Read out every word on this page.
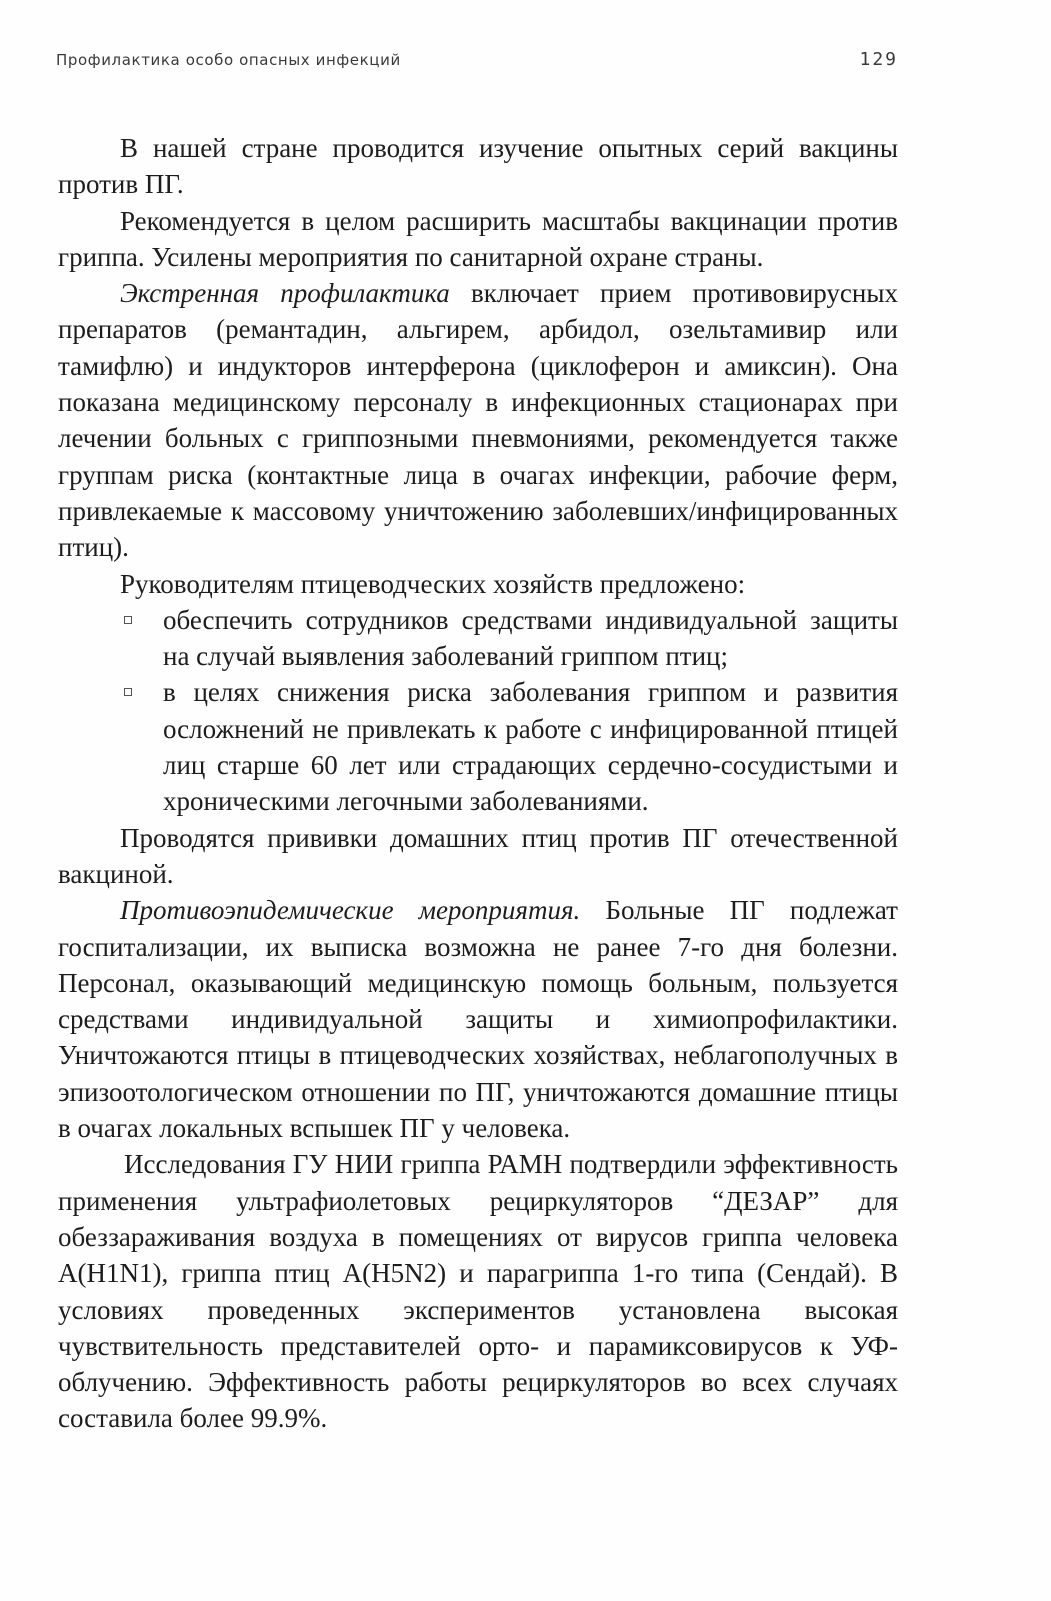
Профилактика особо опасных инфекций	129

В нашей стране проводится изучение опытных серий вакцины против ПГ.

Рекомендуется в целом расширить масштабы вакцинации против гриппа. Усилены мероприятия по санитарной охране страны.

Экстренная профилактика включает прием противовирусных препаратов (ремантадин, альгирем, арбидол, озельтамивир или тамифлю) и индукторов интерферона (циклоферон и амиксин). Она показана медицинскому персоналу в инфекционных стационарах при лечении больных с гриппозными пневмониями, рекомендуется также группам риска (контактные лица в очагах инфекции, рабочие ферм, привлекаемые к массовому уничтожению заболевших/инфицированных птиц).

Руководителям птицеводческих хозяйств предложено:

обеспечить сотрудников средствами индивидуальной защиты на случай выявления заболеваний гриппом птиц;
в целях снижения риска заболевания гриппом и развития осложнений не привлекать к работе с инфицированной птицей лиц старше 60 лет или страдающих сердечно-сосудистыми и хроническими легочными заболеваниями.

Проводятся прививки домашних птиц против ПГ отечественной вакциной.

Противоэпидемические мероприятия. Больные ПГ подлежат госпитализации, их выписка возможна не ранее 7-го дня болезни. Персонал, оказывающий медицинскую помощь больным, пользуется средствами индивидуальной защиты и химиопрофилактики. Уничтожаются птицы в птицеводческих хозяйствах, неблагополучных в эпизоотологическом отношении по ПГ, уничтожаются домашние птицы в очагах локальных вспышек ПГ у человека.

Исследования ГУ НИИ гриппа РАМН подтвердили эффективность применения ультрафиолетовых рециркуляторов “ДЕЗАР” для обеззараживания воздуха в помещениях от вирусов гриппа человека A(H1N1), гриппа птиц A(H5N2) и парагриппа 1-го типа (Сендай). В условиях проведенных экспериментов установлена высокая чувствительность представителей орто- и парамиксовирусов к УФ-облучению. Эффективность работы рециркуляторов во всех случаях составила более 99.9%.
